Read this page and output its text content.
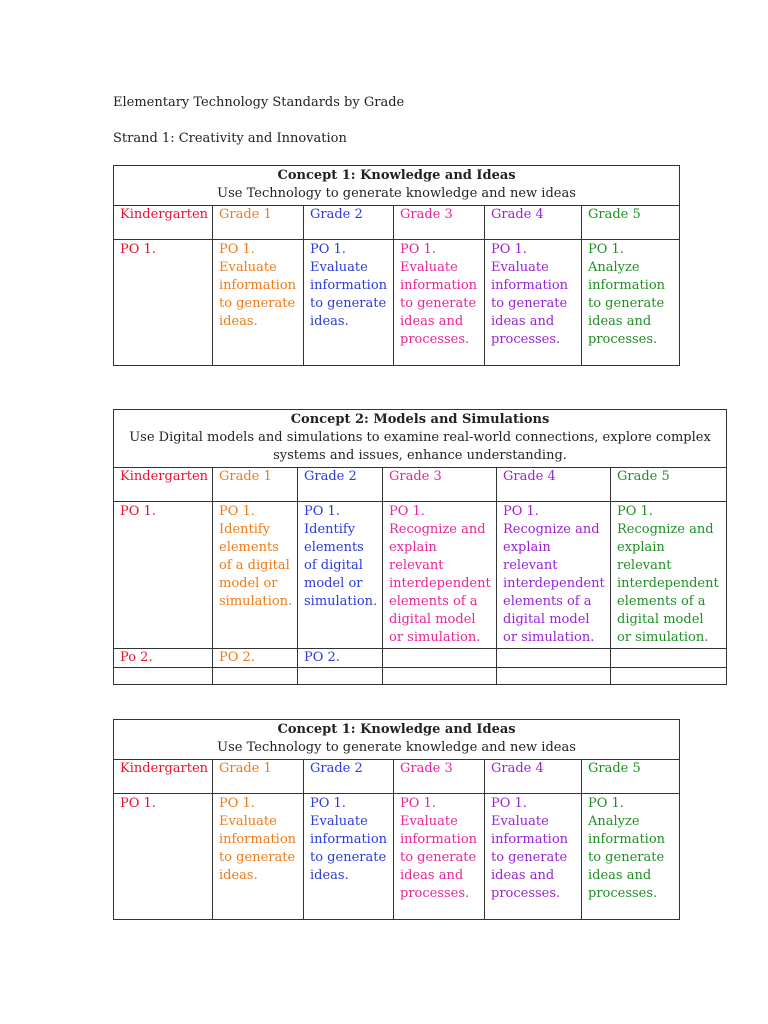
Elementary Technology Standards by Grade

Strand 1: Creativity and Innovation

Concept 1: Knowledge and Ideas
Use Technology to generate knowledge and new ideas					

Kindergarten	Grade 1	Grade 2	Grade 3	Grade 4	Grade 5
PO 1.	PO 1. Evaluate information to generate ideas.	PO 1. Evaluate information to generate ideas.	PO 1. Evaluate information to generate ideas and processes.	PO 1. Evaluate information to generate ideas and processes.	PO 1. Analyze information to generate ideas and processes.
Concept 2: Models and Simulations
Use Digital models and simulations to examine real-world connections, explore complex systems and issues, enhance understanding.					

Kindergarten	Grade 1	Grade 2	Grade 3	Grade 4	Grade 5
PO 1.	PO 1. Identify elements of a digital model or simulation.	PO 1. Identify elements of digital model or simulation.	PO 1. Recognize and explain relevant interdependent elements of a digital model or simulation.	PO 1. Recognize and explain relevant interdependent elements of a digital model or simulation.	PO 1. Recognize and explain relevant interdependent elements of a digital model or simulation.
Po 2.	PO 2.	PO 2.			

Concept 1: Knowledge and Ideas
Use Technology to generate knowledge and new ideas					

Kindergarten	Grade 1	Grade 2	Grade 3	Grade 4	Grade 5
PO 1.	PO 1. Evaluate information to generate ideas.	PO 1. Evaluate information to generate ideas.	PO 1. Evaluate information to generate ideas and processes.	PO 1. Evaluate information to generate ideas and processes.	PO 1. Analyze information to generate ideas and processes.
